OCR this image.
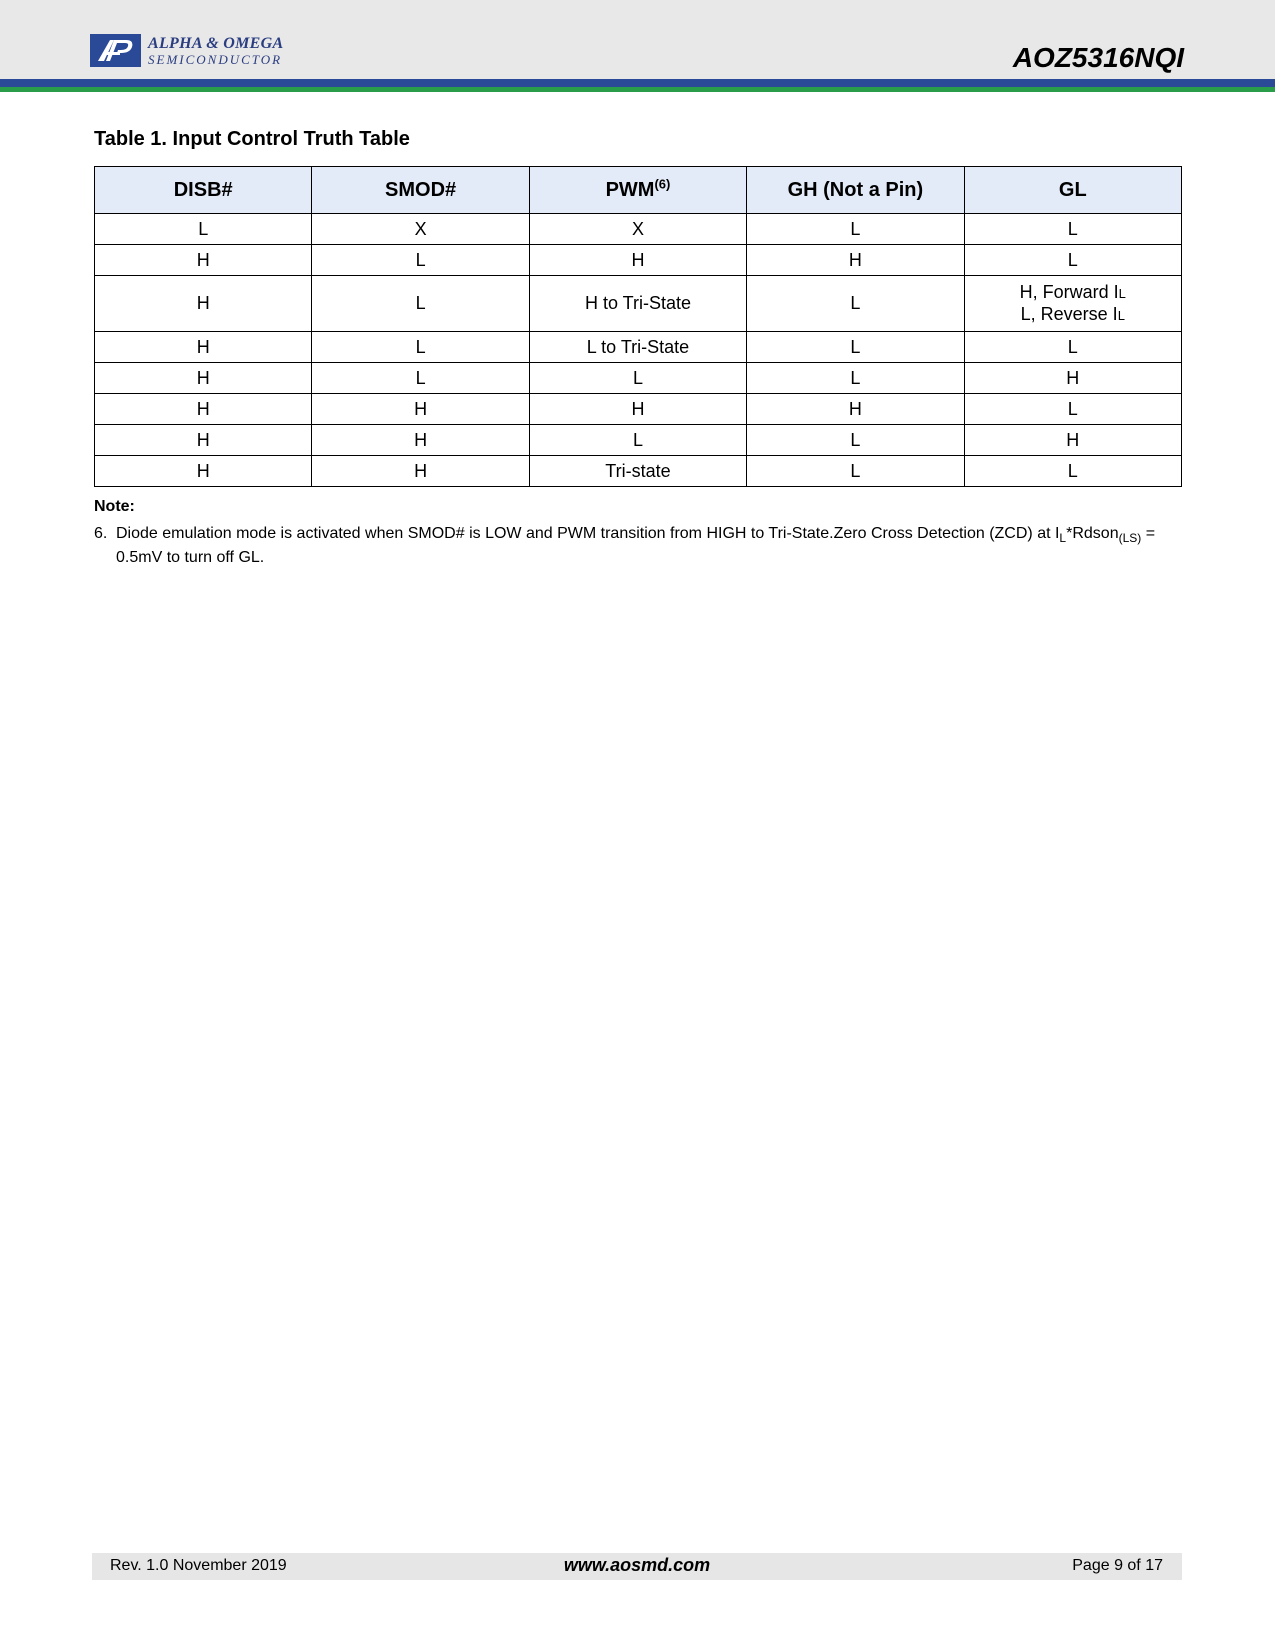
ALPHA & OMEGA
SEMICONDUCTOR	AOZ5316NQI
Table 1. Input Control Truth Table
DISB#	SMOD#	PWM$^{(6)}$	GH (Not a Pin)	GL
L	X	X	L	L
H	L	H	H	L
H	L	H to Tri-State	L	H, Forward IL
L, Reverse IL

H	L	L to Tri-State	L	L
H	L	L	L	H
H	H	H	H	L
H	H	L	L	H
H	H	Tri-state	L	L
Note:
6. Diode emulation mode is activated when SMOD# is LOW and PWM transition from HIGH to Tri-State.Zero Cross Detection (ZCD) at $I_L*Rdson_{(LS)} = 0.5mV$ to turn off GL.
Rev. 1.0 November 2019	www.aosmd.com	Page 9 of 17
